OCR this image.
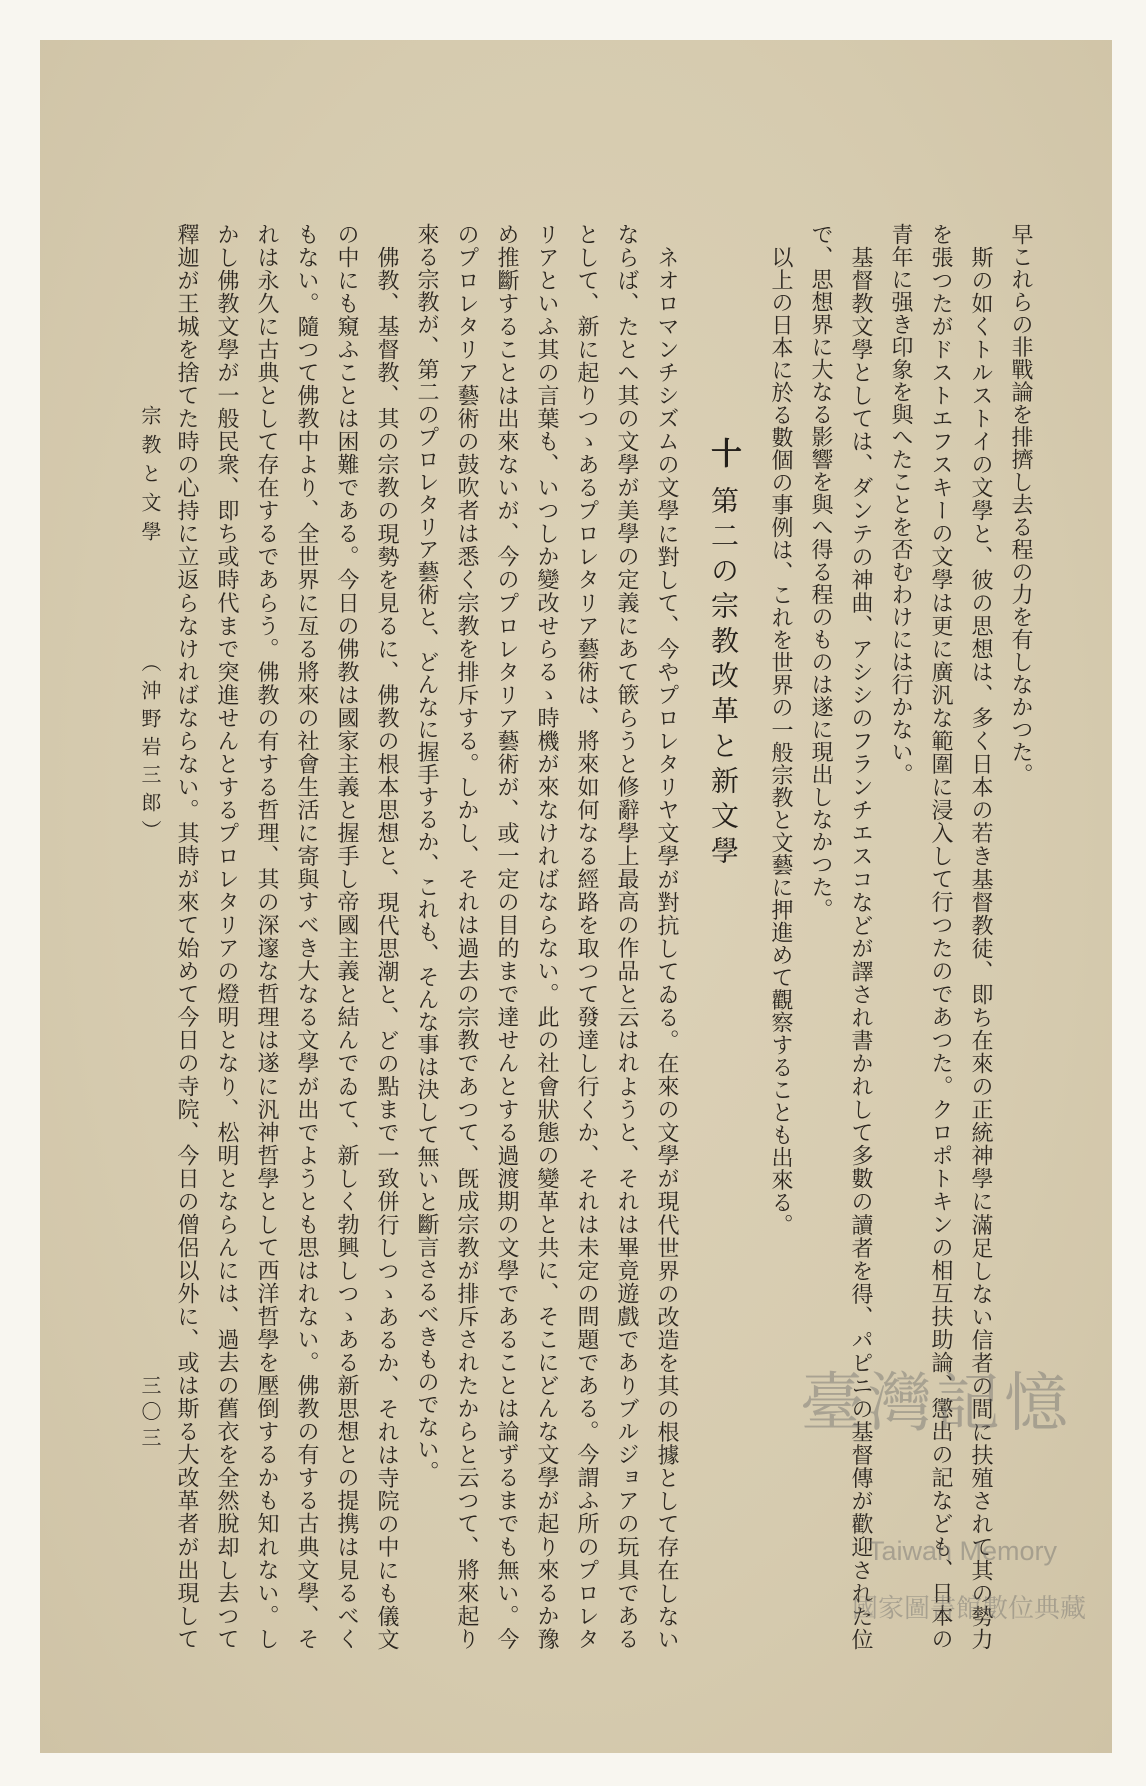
早これらの非戰論を排擠し去る程の力を有しなかつた。
斯の如くトルストイの文學と、彼の思想は、多く日本の若き基督教徒、即ち在來の正統神學に滿足しない信者の間に扶殖されて其の勢力
を張つたがドストエフスキーの文學は更に廣汎な範圍に浸入して行つたのであつた。クロポトキンの相互扶助論、懲出の記なども、日本の
青年に强き印象を與へたことを否むわけには行かない。
基督教文學としては、ダンテの神曲、アシシのフランチエスコなどが譯され書かれして多數の讀者を得、パピニの基督傳が歡迎された位
で、思想界に大なる影響を與へ得る程のものは遂に現出しなかつた。
以上の日本に於る數個の事例は、これを世界の一般宗教と文藝に押進めて觀察することも出來る。
十第二の宗教改革と新文學
ネオロマンチシズムの文學に對して、今やプロレタリヤ文學が對抗してゐる。在來の文學が現代世界の改造を其の根據として存在しない
ならば、たとへ其の文學が美學の定義にあて篏らうと修辭學上最高の作品と云はれようと、それは畢竟遊戲でありブルジョアの玩具である
として、新に起りつゝあるプロレタリア藝術は、將來如何なる經路を取つて發達し行くか、それは未定の問題である。今謂ふ所のプロレタ
リアといふ其の言葉も、いつしか變改せらるゝ時機が來なければならない。此の社會狀態の變革と共に、そこにどんな文學が起り來るか豫
め推斷することは出來ないが、今のプロレタリア藝術が、或一定の目的まで達せんとする過渡期の文學であることは論ずるまでも無い。今
のプロレタリア藝術の鼓吹者は悉く宗教を排斥する。しかし、それは過去の宗教であつて、旣成宗教が排斥されたからと云つて、將來起り
來る宗教が、第二のプロレタリア藝術と、どんなに握手するか、これも、そんな事は決して無いと斷言さるべきものでない。
佛教、基督教、其の宗教の現勢を見るに、佛教の根本思想と、現代思潮と、どの點まで一致併行しつゝあるか、それは寺院の中にも儀文
の中にも窺ふことは困難である。今日の佛教は國家主義と握手し帝國主義と結んでゐて、新しく勃興しつゝある新思想との提携は見るべく
もない。隨つて佛教中より、全世界に亙る將來の社會生活に寄與すべき大なる文學が出でようとも思はれない。佛教の有する古典文學、そ
れは永久に古典として存在するであらう。佛教の有する哲理、其の深邃な哲理は遂に汎神哲學として西洋哲學を壓倒するかも知れない。し
かし佛教文學が一般民衆、即ち或時代まで突進せんとするプロレタリアの燈明となり、松明とならんには、過去の舊衣を全然脫却し去つて
釋迦が王城を捨てた時の心持に立返らなければならない。其時が來て始めて今日の寺院、今日の僧侶以外に、或は斯る大改革者が出現して
宗教と文學
（沖野岩三郎）
三〇三	臺灣記憶
Taiwan Memory
國家圖書館數位典藏
